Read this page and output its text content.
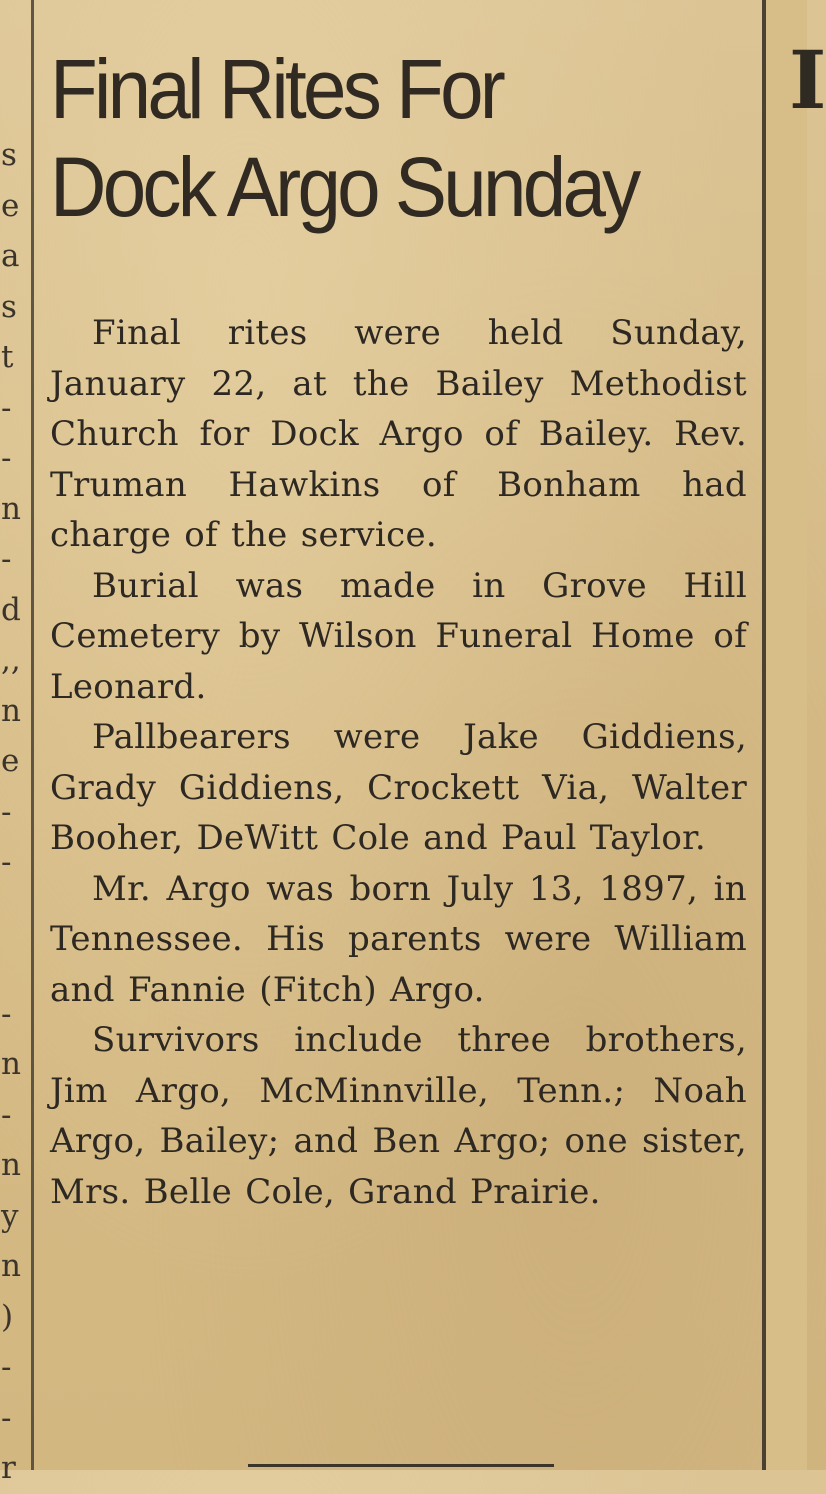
s
e
a
s
t
-
-
n
-
d
,,
n
e
-
-
-
n
-
n
y
n
)
-
-
r
I
Final Rites For
Dock Argo Sunday

Final rites were held Sunday, January 22, at the Bailey Methodist Church for Dock Argo of Bailey. Rev. Truman Hawkins of Bonham had charge of the service.

Burial was made in Grove Hill Cemetery by Wilson Funeral Home of Leonard.

Pallbearers were Jake Giddiens, Grady Giddiens, Crockett Via, Walter Booher, DeWitt Cole and Paul Taylor.

Mr. Argo was born July 13, 1897, in Tennessee. His parents were William and Fannie (Fitch) Argo.

Survivors include three brothers, Jim Argo, McMinnville, Tenn.; Noah Argo, Bailey; and Ben Argo; one sister, Mrs. Belle Cole, Grand Prairie.
